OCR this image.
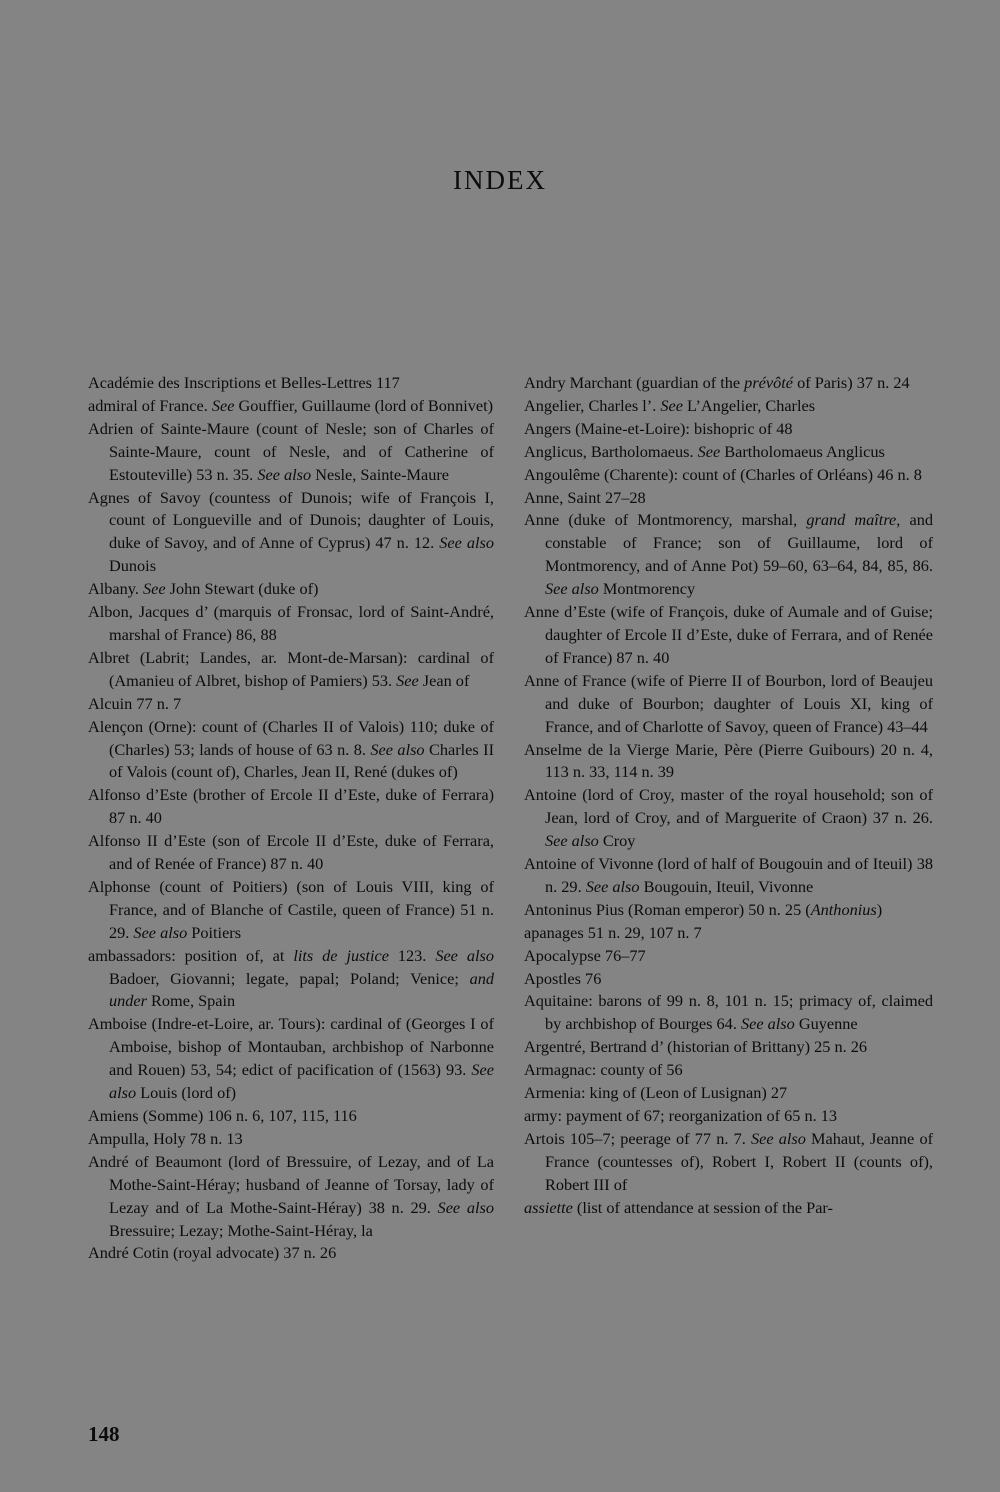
INDEX
Académie des Inscriptions et Belles-Lettres 117
admiral of France. See Gouffier, Guillaume (lord of Bonnivet)
Adrien of Sainte-Maure (count of Nesle; son of Charles of Sainte-Maure, count of Nesle, and of Catherine of Estouteville) 53 n. 35. See also Nesle, Sainte-Maure
Agnes of Savoy (countess of Dunois; wife of François I, count of Longueville and of Dunois; daughter of Louis, duke of Savoy, and of Anne of Cyprus) 47 n. 12. See also Dunois
Albany. See John Stewart (duke of)
Albon, Jacques d’ (marquis of Fronsac, lord of Saint-André, marshal of France) 86, 88
Albret (Labrit; Landes, ar. Mont-de-Marsan): cardinal of (Amanieu of Albret, bishop of Pamiers) 53. See Jean of
Alcuin 77 n. 7
Alençon (Orne): count of (Charles II of Valois) 110; duke of (Charles) 53; lands of house of 63 n. 8. See also Charles II of Valois (count of), Charles, Jean II, René (dukes of)
Alfonso d’Este (brother of Ercole II d’Este, duke of Ferrara) 87 n. 40
Alfonso II d’Este (son of Ercole II d’Este, duke of Ferrara, and of Renée of France) 87 n. 40
Alphonse (count of Poitiers) (son of Louis VIII, king of France, and of Blanche of Castile, queen of France) 51 n. 29. See also Poitiers
ambassadors: position of, at lits de justice 123. See also Badoer, Giovanni; legate, papal; Poland; Venice; and under Rome, Spain
Amboise (Indre-et-Loire, ar. Tours): cardinal of (Georges I of Amboise, bishop of Montauban, archbishop of Narbonne and Rouen) 53, 54; edict of pacification of (1563) 93. See also Louis (lord of)
Amiens (Somme) 106 n. 6, 107, 115, 116
Ampulla, Holy 78 n. 13
André of Beaumont (lord of Bressuire, of Lezay, and of La Mothe-Saint-Héray; husband of Jeanne of Torsay, lady of Lezay and of La Mothe-Saint-Héray) 38 n. 29. See also Bressuire; Lezay; Mothe-Saint-Héray, la
André Cotin (royal advocate) 37 n. 26
Andry Marchant (guardian of the prévôté of Paris) 37 n. 24
Angelier, Charles l’. See L’Angelier, Charles
Angers (Maine-et-Loire): bishopric of 48
Anglicus, Bartholomaeus. See Bartholomaeus Anglicus
Angoulême (Charente): count of (Charles of Orléans) 46 n. 8
Anne, Saint 27–28
Anne (duke of Montmorency, marshal, grand maître, and constable of France; son of Guillaume, lord of Montmorency, and of Anne Pot) 59–60, 63–64, 84, 85, 86. See also Montmorency
Anne d’Este (wife of François, duke of Aumale and of Guise; daughter of Ercole II d’Este, duke of Ferrara, and of Renée of France) 87 n. 40
Anne of France (wife of Pierre II of Bourbon, lord of Beaujeu and duke of Bourbon; daughter of Louis XI, king of France, and of Charlotte of Savoy, queen of France) 43–44
Anselme de la Vierge Marie, Père (Pierre Guibours) 20 n. 4, 113 n. 33, 114 n. 39
Antoine (lord of Croy, master of the royal household; son of Jean, lord of Croy, and of Marguerite of Craon) 37 n. 26. See also Croy
Antoine of Vivonne (lord of half of Bougouin and of Iteuil) 38 n. 29. See also Bougouin, Iteuil, Vivonne
Antoninus Pius (Roman emperor) 50 n. 25 (Anthonius)
apanages 51 n. 29, 107 n. 7
Apocalypse 76–77
Apostles 76
Aquitaine: barons of 99 n. 8, 101 n. 15; primacy of, claimed by archbishop of Bourges 64. See also Guyenne
Argentré, Bertrand d’ (historian of Brittany) 25 n. 26
Armagnac: county of 56
Armenia: king of (Leon of Lusignan) 27
army: payment of 67; reorganization of 65 n. 13
Artois 105–7; peerage of 77 n. 7. See also Mahaut, Jeanne of France (countesses of), Robert I, Robert II (counts of), Robert III of
assiette (list of attendance at session of the Par-
148
